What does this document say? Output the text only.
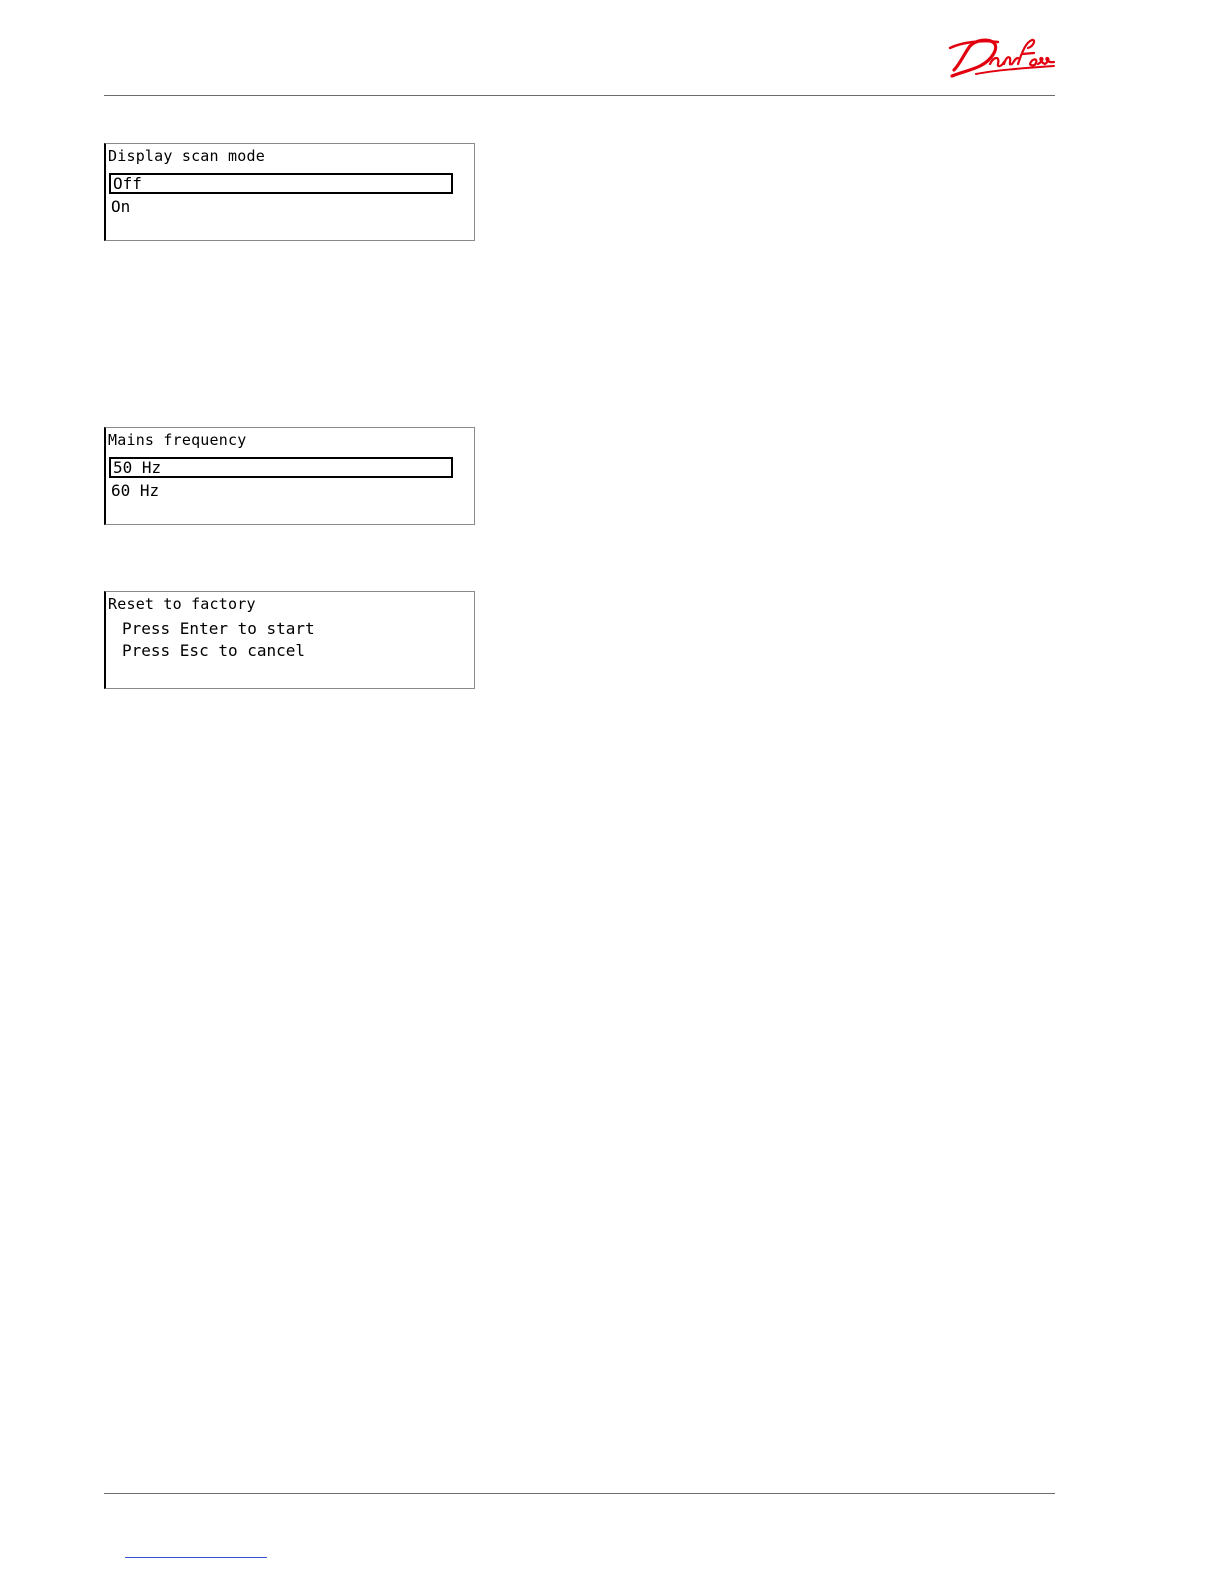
Display scan mode
Off
On
Mains frequency
50 Hz
60 Hz
Reset to factory
Press Enter to start
Press Esc to cancel
